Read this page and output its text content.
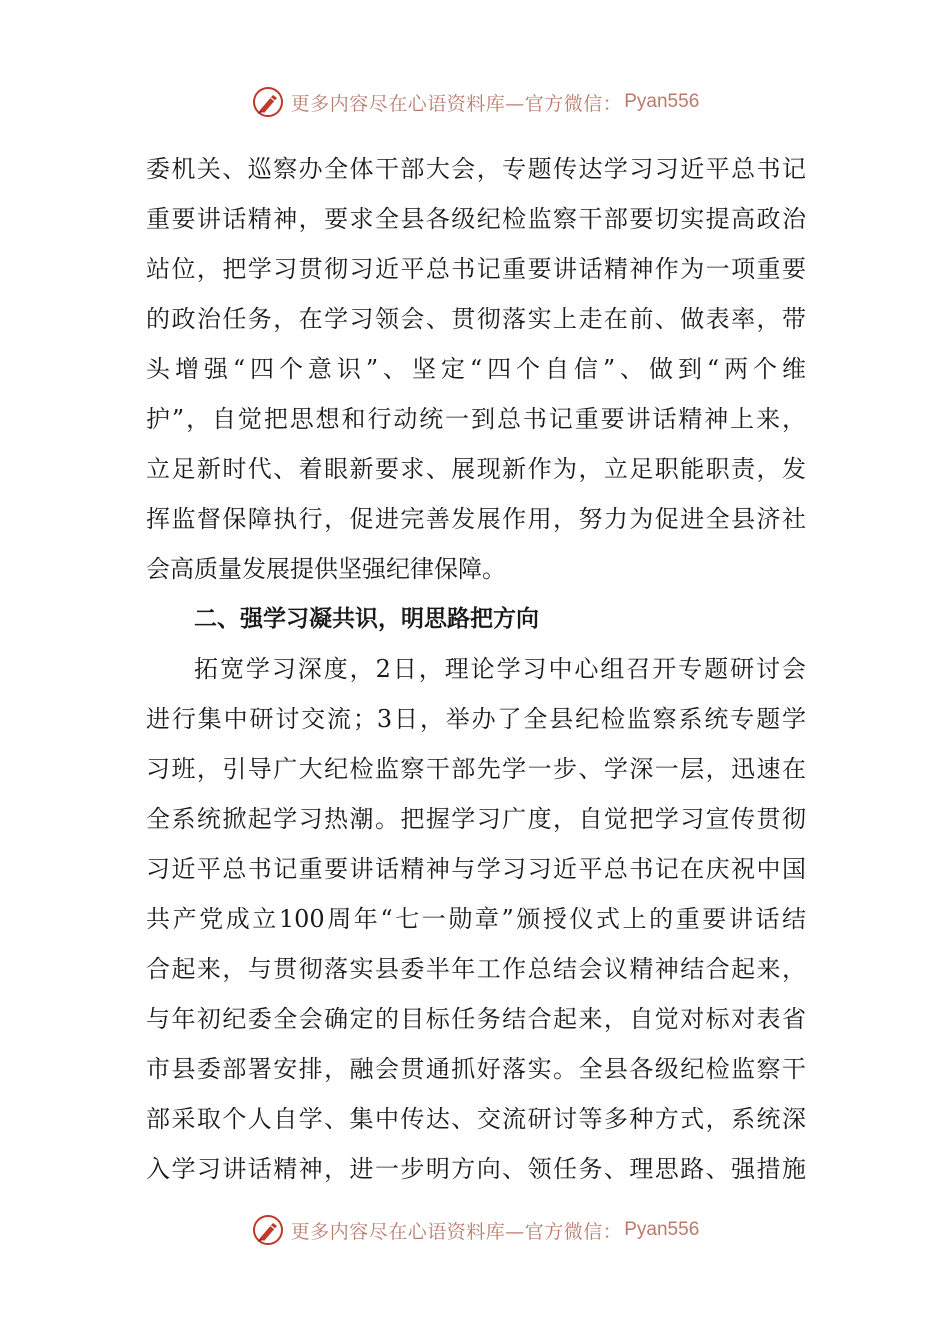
更多内容尽在心语资料库—官方微信： Pyan556
委机关、巡察办全体干部大会，专题传达学习习近平总书记
重要讲话精神，要求全县各级纪检监察干部要切实提高政治
站位，把学习贯彻习近平总书记重要讲话精神作为一项重要
的政治任务，在学习领会、贯彻落实上走在前、做表率，带
头增强“四个意识”、坚定“四个自信”、做到“两个维
护”，自觉把思想和行动统一到总书记重要讲话精神上来，
立足新时代、着眼新要求、展现新作为，立足职能职责，发
挥监督保障执行，促进完善发展作用，努力为促进全县济社
会高质量发展提供坚强纪律保障。
二、强学习凝共识，明思路把方向
拓宽学习深度，2日，理论学习中心组召开专题研讨会
进行集中研讨交流；3日，举办了全县纪检监察系统专题学
习班，引导广大纪检监察干部先学一步、学深一层，迅速在
全系统掀起学习热潮。把握学习广度，自觉把学习宣传贯彻
习近平总书记重要讲话精神与学习习近平总书记在庆祝中国
共产党成立100周年“七一勋章”颁授仪式上的重要讲话结
合起来，与贯彻落实县委半年工作总结会议精神结合起来，
与年初纪委全会确定的目标任务结合起来，自觉对标对表省
市县委部署安排，融会贯通抓好落实。全县各级纪检监察干
部采取个人自学、集中传达、交流研讨等多种方式，系统深
入学习讲话精神，进一步明方向、领任务、理思路、强措施
更多内容尽在心语资料库—官方微信： Pyan556
